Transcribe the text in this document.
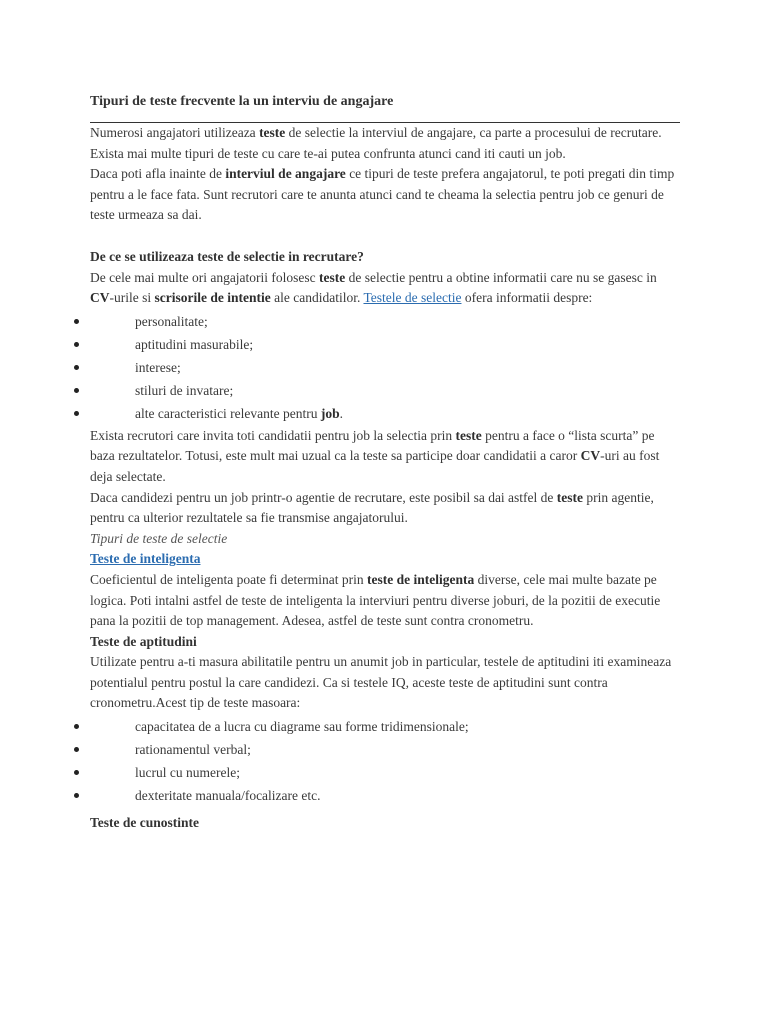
Tipuri de teste frecvente la un interviu de angajare

Numerosi angajatori utilizeaza teste de selectie la interviul de angajare, ca parte a procesului de recrutare. Exista mai multe tipuri de teste cu care te-ai putea confrunta atunci cand iti cauti un job.

Daca poti afla inainte de interviul de angajare ce tipuri de teste prefera angajatorul, te poti pregati din timp pentru a le face fata. Sunt recrutori care te anunta atunci cand te cheama la selectia pentru job ce genuri de teste urmeaza sa dai.

De ce se utilizeaza teste de selectie in recrutare?

De cele mai multe ori angajatorii folosesc teste de selectie pentru a obtine informatii care nu se gasesc in CV-urile si scrisorile de intentie ale candidatilor. Testele de selectie ofera informatii despre:

personalitate;
aptitudini masurabile;
interese;
stiluri de invatare;
alte caracteristici relevante pentru job.

Exista recrutori care invita toti candidatii pentru job la selectia prin teste pentru a face o “lista scurta” pe baza rezultatelor. Totusi, este mult mai uzual ca la teste sa participe doar candidatii a caror CV-uri au fost deja selectate.

Daca candidezi pentru un job printr-o agentie de recrutare, este posibil sa dai astfel de teste prin agentie, pentru ca ulterior rezultatele sa fie transmise angajatorului.

Tipuri de teste de selectie

Teste de inteligenta

Coeficientul de inteligenta poate fi determinat prin teste de inteligenta diverse, cele mai multe bazate pe logica. Poti intalni astfel de teste de inteligenta la interviuri pentru diverse joburi, de la pozitii de executie pana la pozitii de top management. Adesea, astfel de teste sunt contra cronometru.

Teste de aptitudini

Utilizate pentru a-ti masura abilitatile pentru un anumit job in particular, testele de aptitudini iti examineaza potentialul pentru postul la care candidezi. Ca si testele IQ, aceste teste de aptitudini sunt contra cronometru.Acest tip de teste masoara:

capacitatea de a lucra cu diagrame sau forme tridimensionale;
rationamentul verbal;
lucrul cu numerele;
dexteritate manuala/focalizare etc.

Teste de cunostinte
